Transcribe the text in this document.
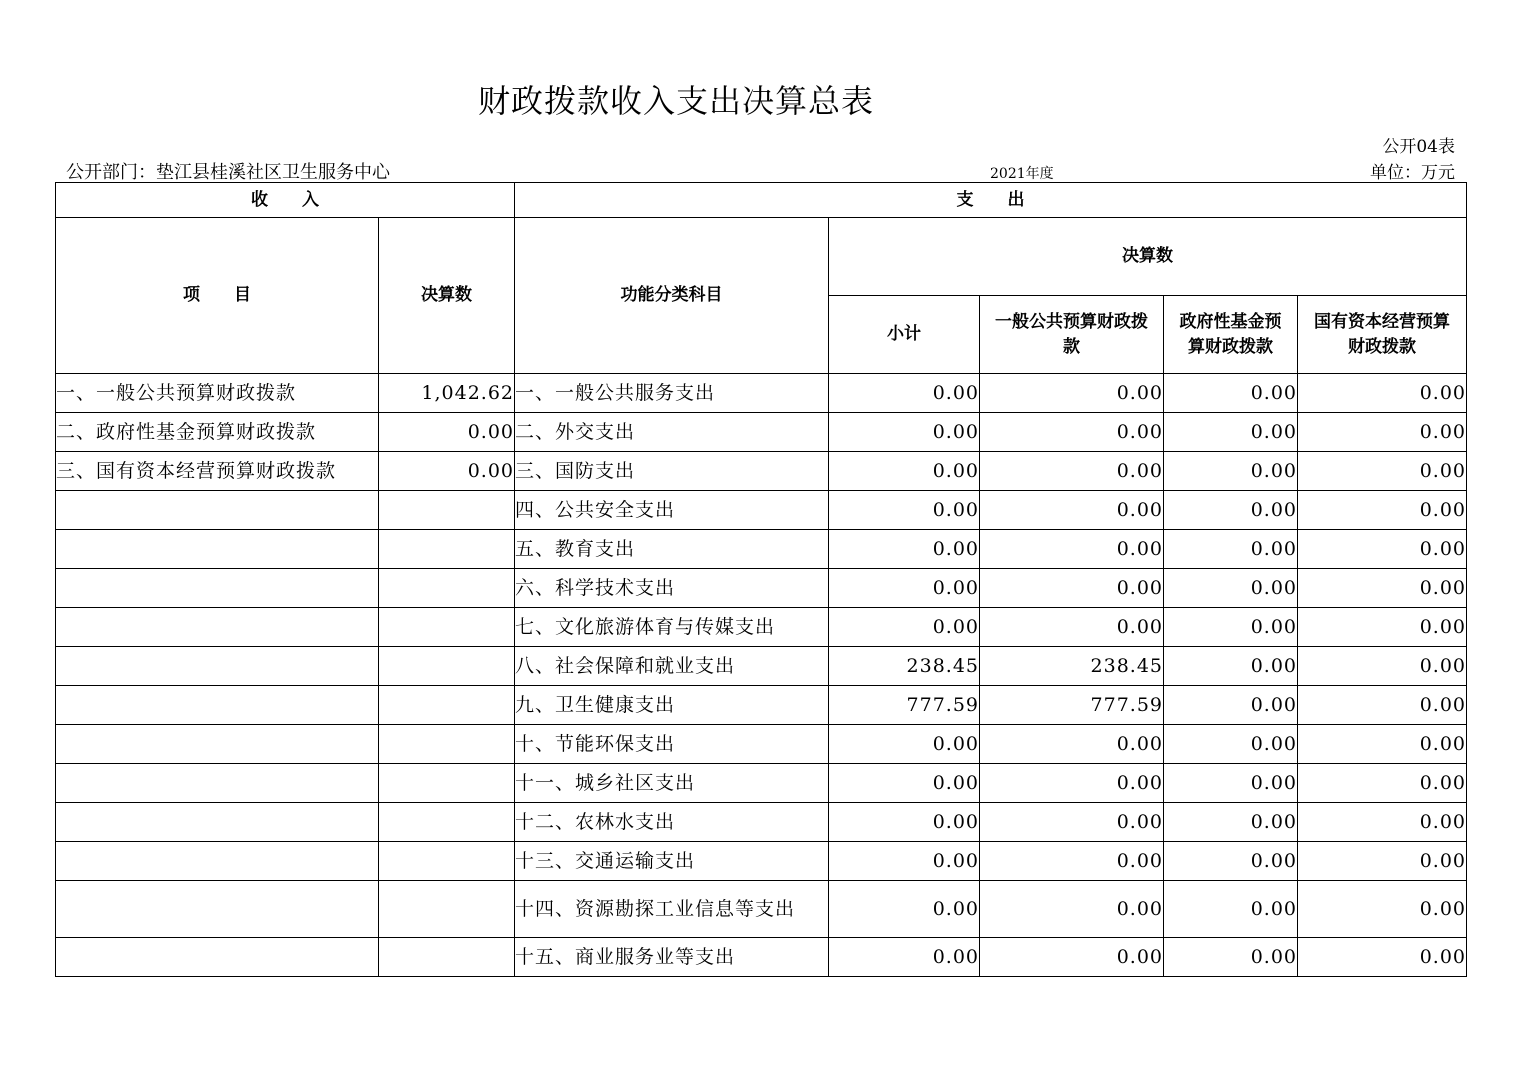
财政拨款收入支出决算总表
公开04表
公开部门：垫江县桂溪社区卫生服务中心	2021年度	单位：万元
收　　入		支　　出				
项　　目	决算数	功能分类科目	决算数			
			小计	一般公共预算财政拨款	政府性基金预算财政拨款	国有资本经营预算财政拨款
一、一般公共预算财政拨款	1,042.62	一、一般公共服务支出	0.00	0.00	0.00	0.00
二、政府性基金预算财政拨款	0.00	二、外交支出	0.00	0.00	0.00	0.00
三、国有资本经营预算财政拨款	0.00	三、国防支出	0.00	0.00	0.00	0.00
		四、公共安全支出	0.00	0.00	0.00	0.00
		五、教育支出	0.00	0.00	0.00	0.00
		六、科学技术支出	0.00	0.00	0.00	0.00
		七、文化旅游体育与传媒支出	0.00	0.00	0.00	0.00
		八、社会保障和就业支出	238.45	238.45	0.00	0.00
		九、卫生健康支出	777.59	777.59	0.00	0.00
		十、节能环保支出	0.00	0.00	0.00	0.00
		十一、城乡社区支出	0.00	0.00	0.00	0.00
		十二、农林水支出	0.00	0.00	0.00	0.00
		十三、交通运输支出	0.00	0.00	0.00	0.00
		十四、资源勘探工业信息等支出	0.00	0.00	0.00	0.00
		十五、商业服务业等支出	0.00	0.00	0.00	0.00
